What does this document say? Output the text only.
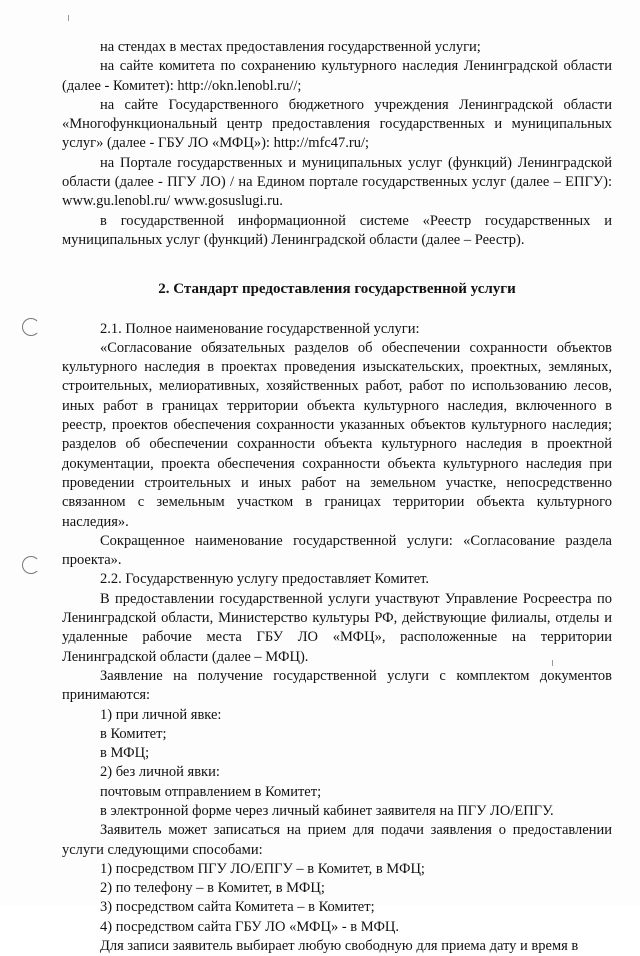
на стендах в местах предоставления государственной услуги;

на сайте комитета по сохранению культурного наследия Ленинградской области (далее - Комитет): http://okn.lenobl.ru//;

на сайте Государственного бюджетного учреждения Ленинградской области «Многофункциональный центр предоставления государственных и муниципальных услуг» (далее - ГБУ ЛО «МФЦ»): http://mfc47.ru/;

на Портале государственных и муниципальных услуг (функций) Ленинградской области (далее - ПГУ ЛО) / на Едином портале государственных услуг (далее – ЕПГУ): www.gu.lenobl.ru/ www.gosuslugi.ru.

в государственной информационной системе «Реестр государственных и муниципальных услуг (функций) Ленинградской области (далее – Реестр).

2. Стандарт предоставления государственной услуги

2.1. Полное наименование государственной услуги:

«Согласование обязательных разделов об обеспечении сохранности объектов культурного наследия в проектах проведения изыскательских, проектных, земляных, строительных, мелиоративных, хозяйственных работ, работ по использованию лесов, иных работ в границах территории объекта культурного наследия, включенного в реестр, проектов обеспечения сохранности указанных объектов культурного наследия; разделов об обеспечении сохранности объекта культурного наследия в проектной документации, проекта обеспечения сохранности объекта культурного наследия при проведении строительных и иных работ на земельном участке, непосредственно связанном с земельным участком в границах территории объекта культурного наследия».

Сокращенное наименование государственной услуги: «Согласование раздела проекта».

2.2. Государственную услугу предоставляет Комитет.

В предоставлении государственной услуги участвуют Управление Росреестра по Ленинградской области, Министерство культуры РФ, действующие филиалы, отделы и удаленные рабочие места ГБУ ЛО «МФЦ», расположенные на территории Ленинградской области (далее – МФЦ).

Заявление на получение государственной услуги с комплектом документов принимаются:

1) при личной явке:

в Комитет;

в МФЦ;

2) без личной явки:

почтовым отправлением в Комитет;

в электронной форме через личный кабинет заявителя на ПГУ ЛО/ЕПГУ.

Заявитель может записаться на прием для подачи заявления о предоставлении услуги следующими способами:

1) посредством ПГУ ЛО/ЕПГУ – в Комитет, в МФЦ;

2) по телефону – в Комитет, в МФЦ;

3) посредством сайта Комитета – в Комитет;

4) посредством сайта ГБУ ЛО «МФЦ» - в МФЦ.

Для записи заявитель выбирает любую свободную для приема дату и время в
